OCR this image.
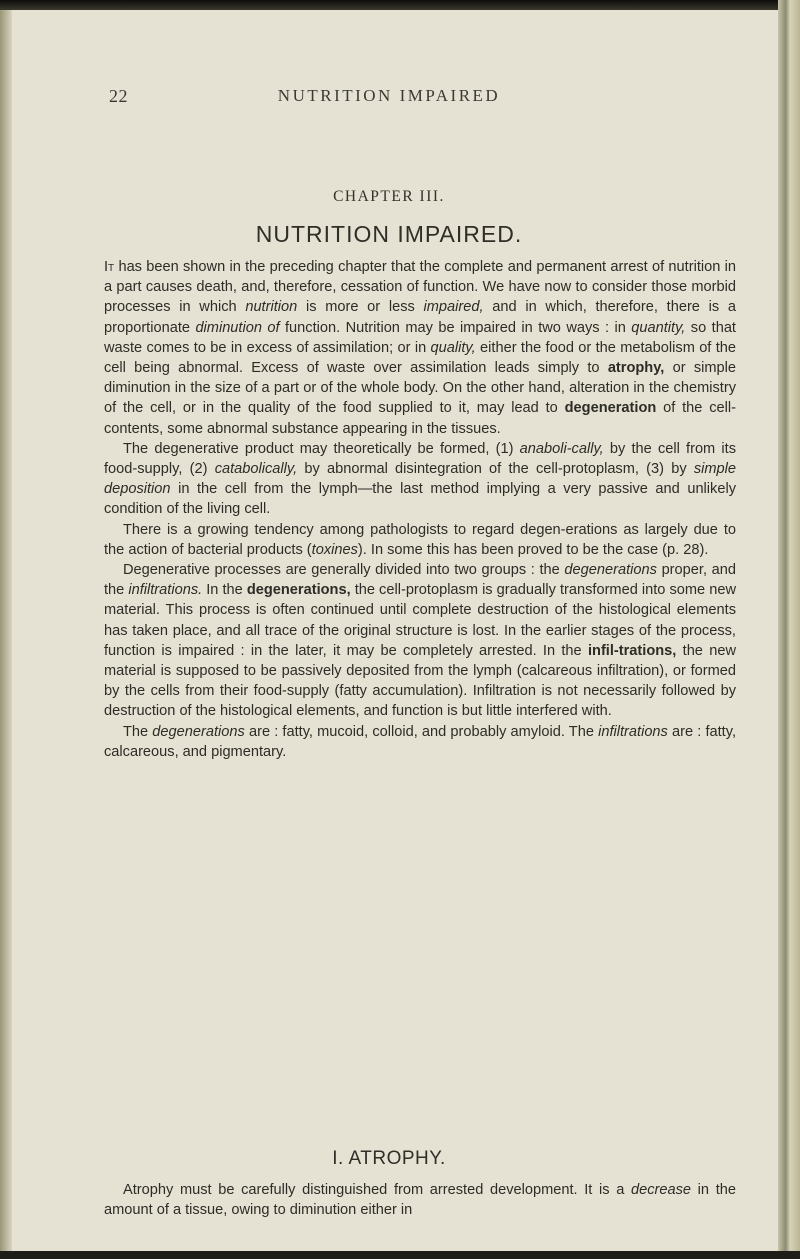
22	NUTRITION IMPAIRED
CHAPTER III.
NUTRITION IMPAIRED.

It has been shown in the preceding chapter that the complete and permanent arrest of nutrition in a part causes death, and, therefore, cessation of function. We have now to consider those morbid processes in which nutrition is more or less impaired, and in which, therefore, there is a proportionate diminution of function. Nutrition may be impaired in two ways : in quantity, so that waste comes to be in excess of assimilation; or in quality, either the food or the metabolism of the cell being abnormal. Excess of waste over assimilation leads simply to atrophy, or simple diminution in the size of a part or of the whole body. On the other hand, alteration in the chemistry of the cell, or in the quality of the food supplied to it, may lead to degeneration of the cell-contents, some abnormal substance appearing in the tissues.

The degenerative product may theoretically be formed, (1) anaboli-cally, by the cell from its food-supply, (2) catabolically, by abnormal disintegration of the cell-protoplasm, (3) by simple deposition in the cell from the lymph—the last method implying a very passive and unlikely condition of the living cell.

There is a growing tendency among pathologists to regard degen-erations as largely due to the action of bacterial products (toxines). In some this has been proved to be the case (p. 28).

Degenerative processes are generally divided into two groups : the degenerations proper, and the infiltrations. In the degenerations, the cell-protoplasm is gradually transformed into some new material. This process is often continued until complete destruction of the histological elements has taken place, and all trace of the original structure is lost. In the earlier stages of the process, function is impaired : in the later, it may be completely arrested. In the infil-trations, the new material is supposed to be passively deposited from the lymph (calcareous infiltration), or formed by the cells from their food-supply (fatty accumulation). Infiltration is not necessarily followed by destruction of the histological elements, and function is but little interfered with.

The degenerations are : fatty, mucoid, colloid, and probably amyloid. The infiltrations are : fatty, calcareous, and pigmentary.

I. ATROPHY.

Atrophy must be carefully distinguished from arrested development. It is a decrease in the amount of a tissue, owing to diminution either in
